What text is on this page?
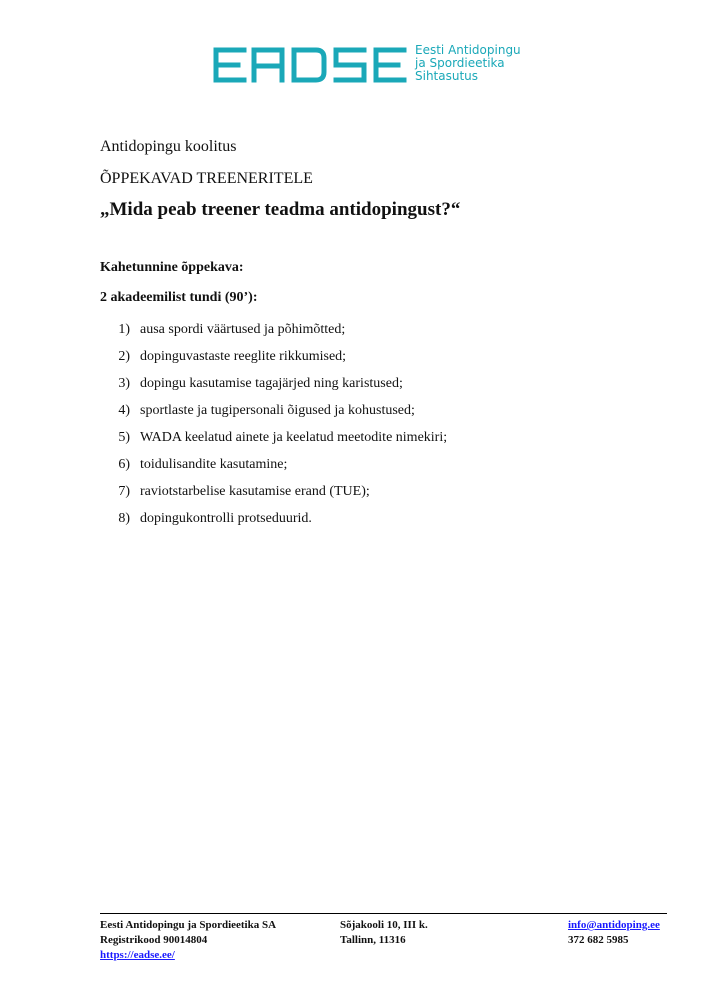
Eesti Antidopingu
ja Spordieetika
Sihtasutus
Antidopingu koolitus
ÕPPEKAVAD TREENERITELE
„Mida peab treener teadma antidopingust?“
Kahetunnine õppekava:
2 akadeemilist tundi (90’):
1) ausa spordi väärtused ja põhimõtted;
2) dopinguvastaste reeglite rikkumised;
3) dopingu kasutamise tagajärjed ning karistused;
4) sportlaste ja tugipersonali õigused ja kohustused;
5) WADA keelatud ainete ja keelatud meetodite nimekiri;
6) toidulisandite kasutamine;
7) raviotstarbelise kasutamise erand (TUE);
8) dopingukontrolli protseduurid.
Eesti Antidopingu ja Spordieetika SA
Registrikood 90014804
https://eadse.ee/
Sõjakooli 10, III k.
Tallinn, 11316
info@antidoping.ee
372 682 5985
